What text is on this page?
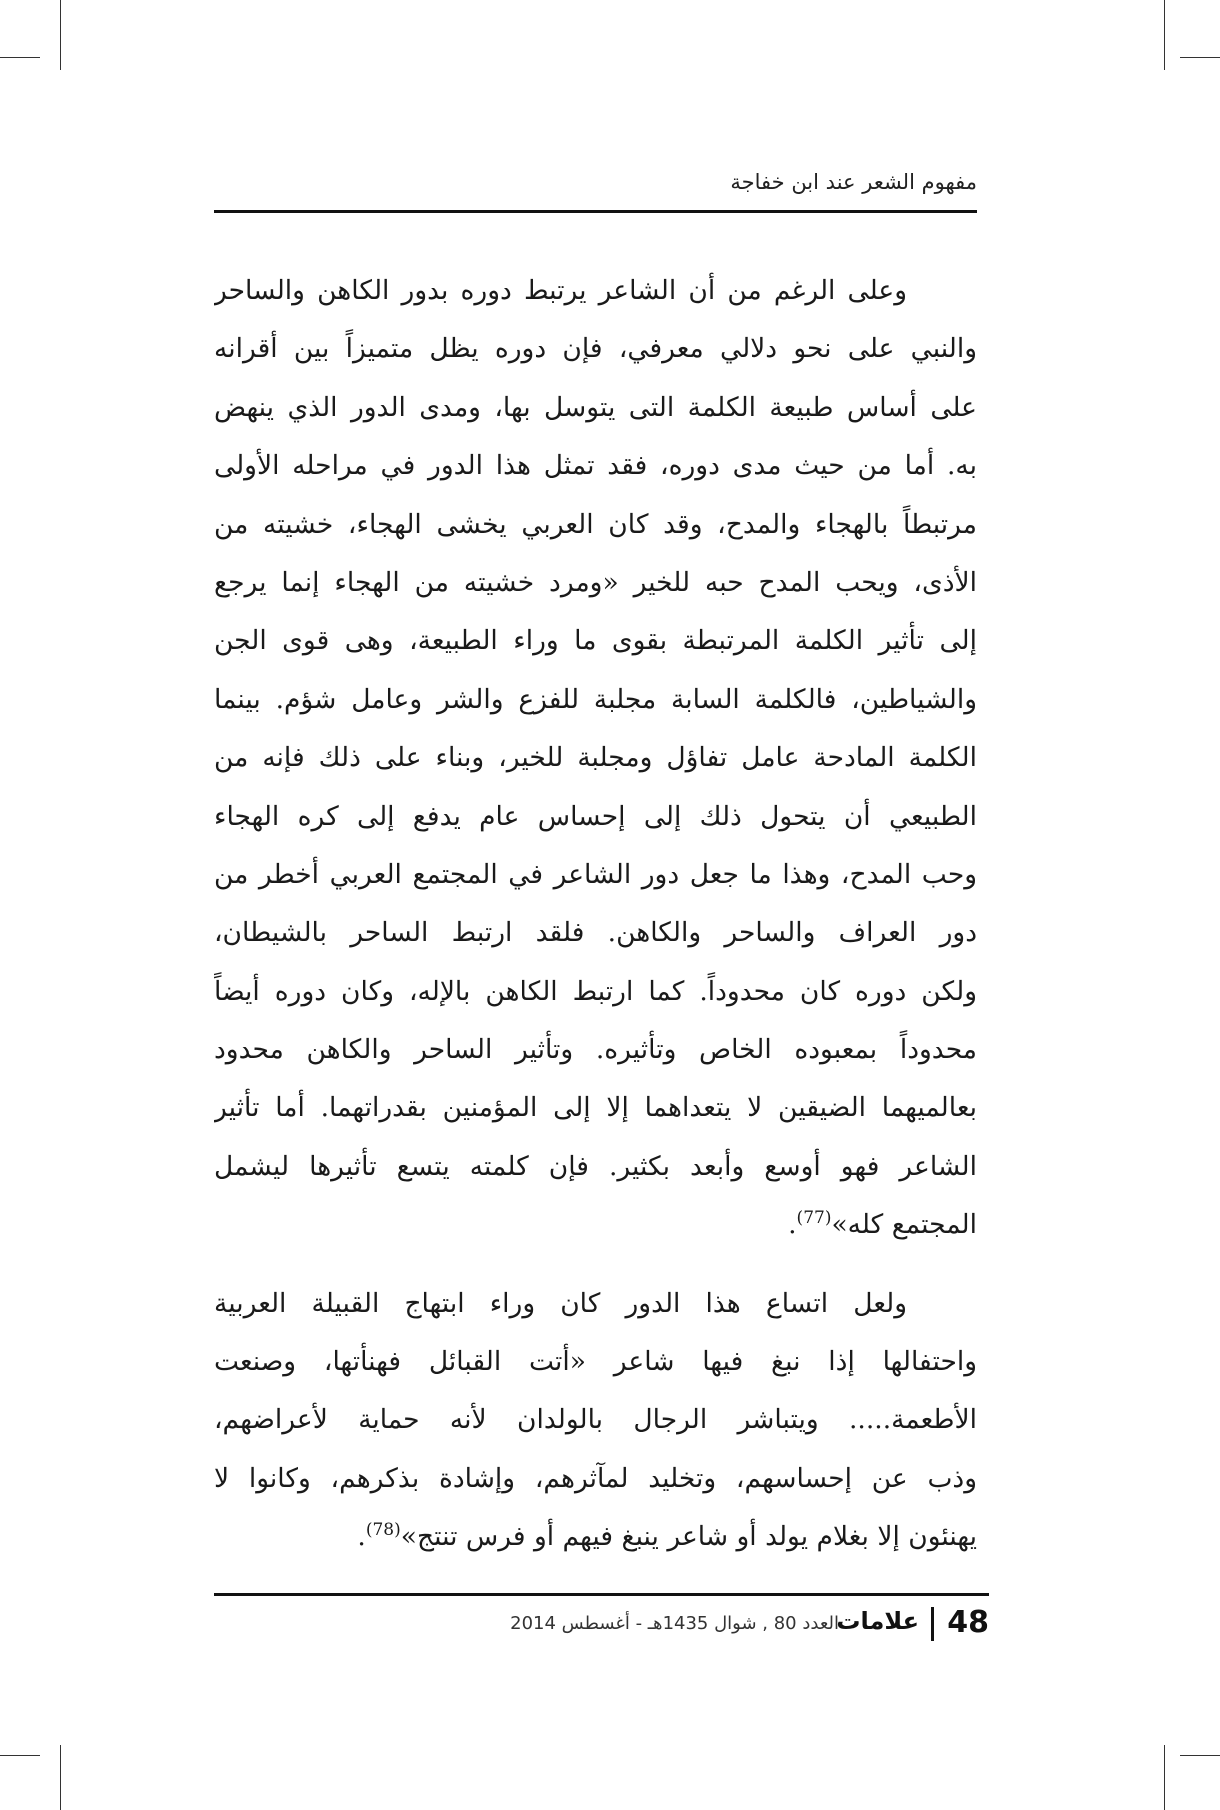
مفهوم الشعر عند ابن خفاجة
وعلى الرغم من أن الشاعر يرتبط دوره بدور الكاهن والساحر
والنبي على نحو دلالي معرفي، فإن دوره يظل متميزاً بين أقرانه
على أساس طبيعة الكلمة التى يتوسل بها، ومدى الدور الذي ينهض
به. أما من حيث مدى دوره، فقد تمثل هذا الدور في مراحله الأولى
مرتبطاً بالهجاء والمدح، وقد كان العربي يخشى الهجاء، خشيته من
الأذى، ويحب المدح حبه للخير «ومرد خشيته من الهجاء إنما يرجع
إلى تأثير الكلمة المرتبطة بقوى ما وراء الطبيعة، وهى قوى الجن
والشياطين، فالكلمة السابة مجلبة للفزع والشر وعامل شؤم. بينما
الكلمة المادحة عامل تفاؤل ومجلبة للخير، وبناء على ذلك فإنه من
الطبيعي أن يتحول ذلك إلى إحساس عام يدفع إلى كره الهجاء
وحب المدح، وهذا ما جعل دور الشاعر في المجتمع العربي أخطر من
دور العراف والساحر والكاهن. فلقد ارتبط الساحر بالشيطان،
ولكن دوره كان محدوداً. كما ارتبط الكاهن بالإله، وكان دوره أيضاً
محدوداً بمعبوده الخاص وتأثيره. وتأثير الساحر والكاهن محدود
بعالميهما الضيقين لا يتعداهما إلا إلى المؤمنين بقدراتهما. أما تأثير
الشاعر فهو أوسع وأبعد بكثير. فإن كلمته يتسع تأثيرها ليشمل
المجتمع كله»$^{(77)}$.
ولعل اتساع هذا الدور كان وراء ابتهاج القبيلة العربية
واحتفالها إذا نبغ فيها شاعر «أتت القبائل فهنأتها، وصنعت
الأطعمة..... ويتباشر الرجال بالولدان لأنه حماية لأعراضهم،
وذب عن إحساسهم، وتخليد لمآثرهم، وإشادة بذكرهم، وكانوا لا
يهنئون إلا بغلام يولد أو شاعر ينبغ فيهم أو فرس تنتج»$^{(78)}$.
48
علامات
العدد 80 , شوال 1435هـ - أغسطس 2014
